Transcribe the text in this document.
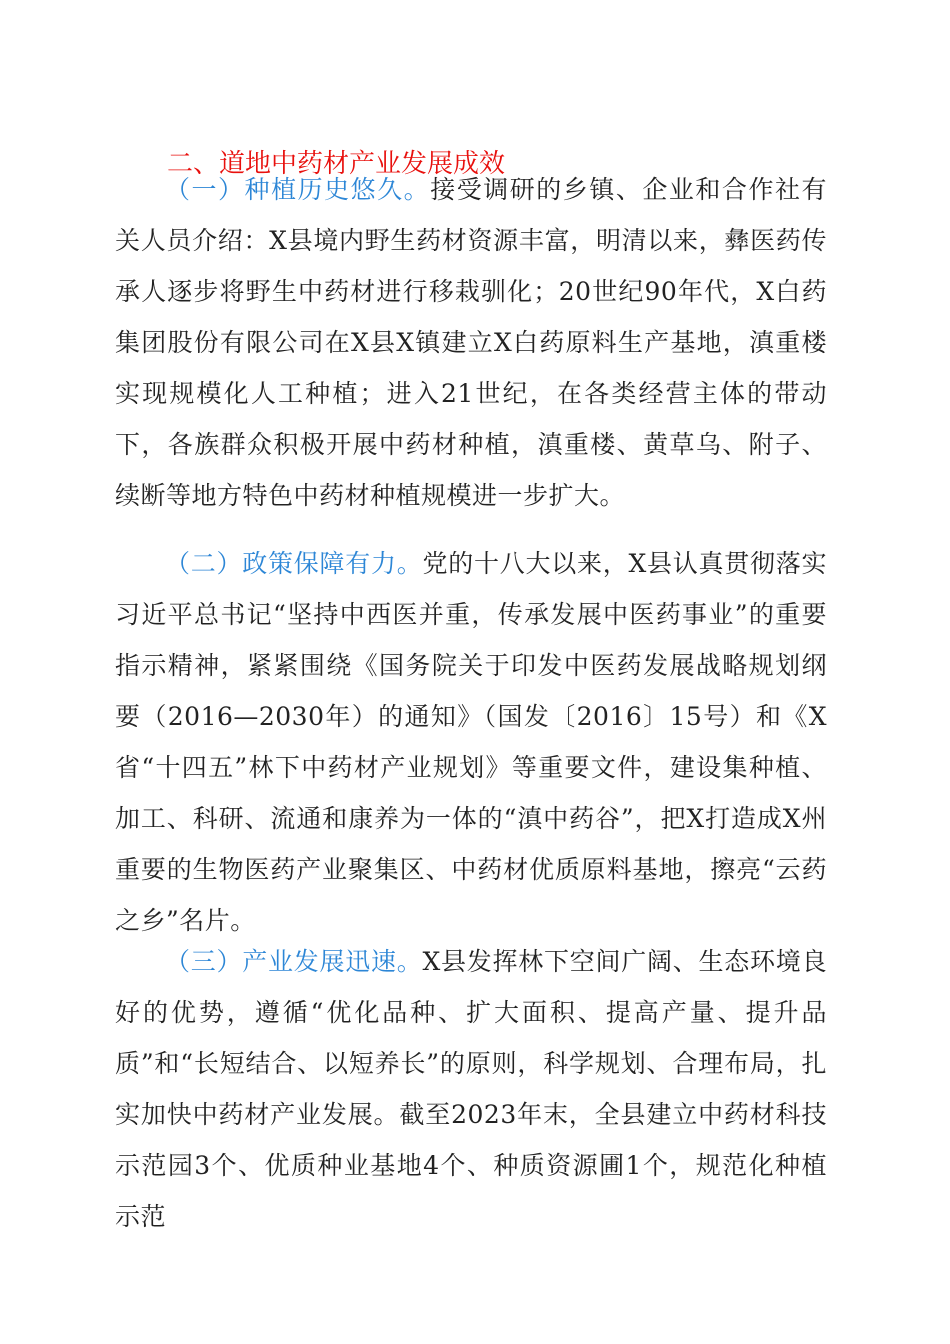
二、道地中药材产业发展成效

（一）种植历史悠久。接受调研的乡镇、企业和合作社有关人员介绍：X县境内野生药材资源丰富，明清以来，彝医药传承人逐步将野生中药材进行移栽驯化；20世纪90年代，X白药集团股份有限公司在X县X镇建立X白药原料生产基地，滇重楼实现规模化人工种植；进入21世纪，在各类经营主体的带动下，各族群众积极开展中药材种植，滇重楼、黄草乌、附子、续断等地方特色中药材种植规模进一步扩大。

（二）政策保障有力。党的十八大以来，X县认真贯彻落实习近平总书记“坚持中西医并重，传承发展中医药事业”的重要指示精神，紧紧围绕《国务院关于印发中医药发展战略规划纲要（2016—2030年）的通知》（国发〔2016〕15号）和《X省“十四五”林下中药材产业规划》等重要文件，建设集种植、加工、科研、流通和康养为一体的“滇中药谷”，把X打造成X州重要的生物医药产业聚集区、中药材优质原料基地，擦亮“云药之乡”名片。

（三）产业发展迅速。X县发挥林下空间广阔、生态环境良好的优势，遵循“优化品种、扩大面积、提高产量、提升品质”和“长短结合、以短养长”的原则，科学规划、合理布局，扎实加快中药材产业发展。截至2023年末，全县建立中药材科技示范园3个、优质种业基地4个、种质资源圃1个，规范化种植示范
